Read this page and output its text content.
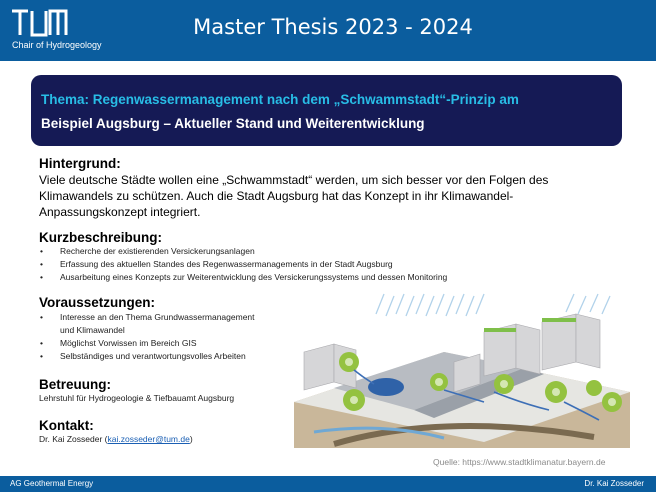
Chair of Hydrogeology
Master Thesis 2023 - 2024
Thema: Regenwassermanagement nach dem „Schwammstadt“-Prinzip am
Beispiel Augsburg – Aktueller Stand und Weiterentwicklung
Hintergrund:
Viele deutsche Städte wollen eine „Schwammstadt“ werden, um sich besser vor den Folgen des Klimawandels zu schützen. Auch die Stadt Augsburg hat das Konzept in ihr Klimawandel-Anpassungskonzept integriert.
Kurzbeschreibung:
• Recherche der existierenden Versickerungsanlagen
• Erfassung des aktuellen Standes des Regenwassermanagements in der Stadt Augsburg
• Ausarbeitung eines Konzepts zur Weiterentwicklung des Versickerungssystems und dessen Monitoring
Voraussetzungen:
• Interesse an den Thema Grundwassermanagement
und Klimawandel
• Möglichst Vorwissen im Bereich GIS
• Selbständiges und verantwortungsvolles Arbeiten
Betreuung:
Lehrstuhl für Hydrogeologie & Tiefbauamt Augsburg
Kontakt:
Dr. Kai Zosseder (kai.zosseder@tum.de)
Quelle: https://www.stadtklimanatur.bayern.de
AG Geothermal Energy	Dr. Kai Zosseder
